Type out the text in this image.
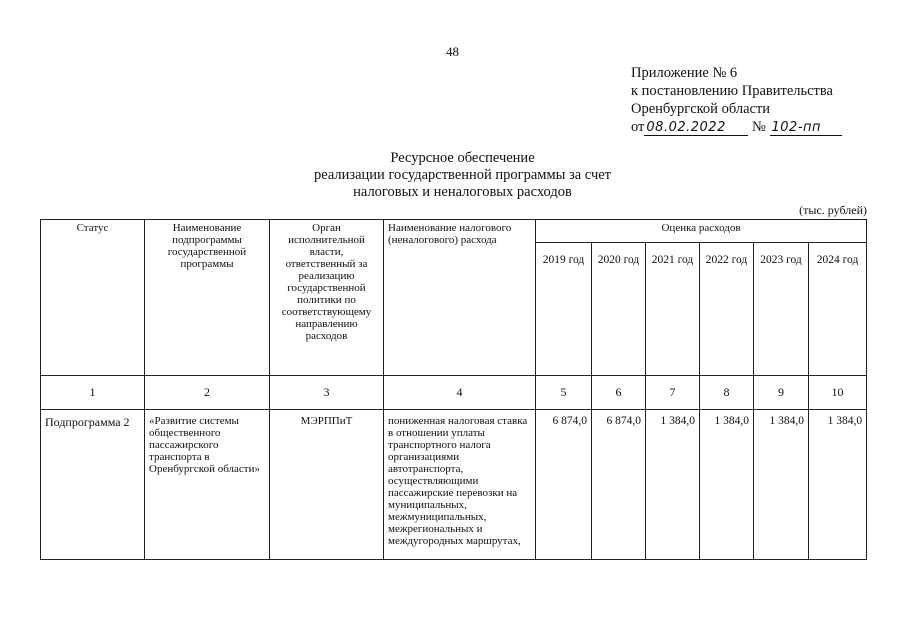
48
Приложение № 6
к постановлению Правительства
Оренбургской области
от 08.02.2022 № 102-пп
Ресурсное обеспечение
реализации государственной программы за счет
налоговых и неналоговых расходов
(тыс. рублей)
Статус	Наименование подпрограммы государственной программы	Орган исполнительной власти, ответственный за реализацию государственной политики по соответствующему направлению расходов	Наименование налогового (неналогового) расхода	Оценка расходов					

				2019 год	2020 год	2021 год	2022 год	2023 год	2024 год

1	2	3	4	5	6	7	8	9	10
Подпрограмма 2	«Развитие системы общественного пассажирского транспорта в Оренбургской области»	МЭРППиТ	пониженная налоговая ставка в отношении уплаты транспортного налога организациями автотранспорта, осуществляющими пассажирские перевозки на муниципальных, межмуниципальных, межрегиональных и междугородных маршрутах,	6 874,0	6 874,0	1 384,0	1 384,0	1 384,0	1 384,0
